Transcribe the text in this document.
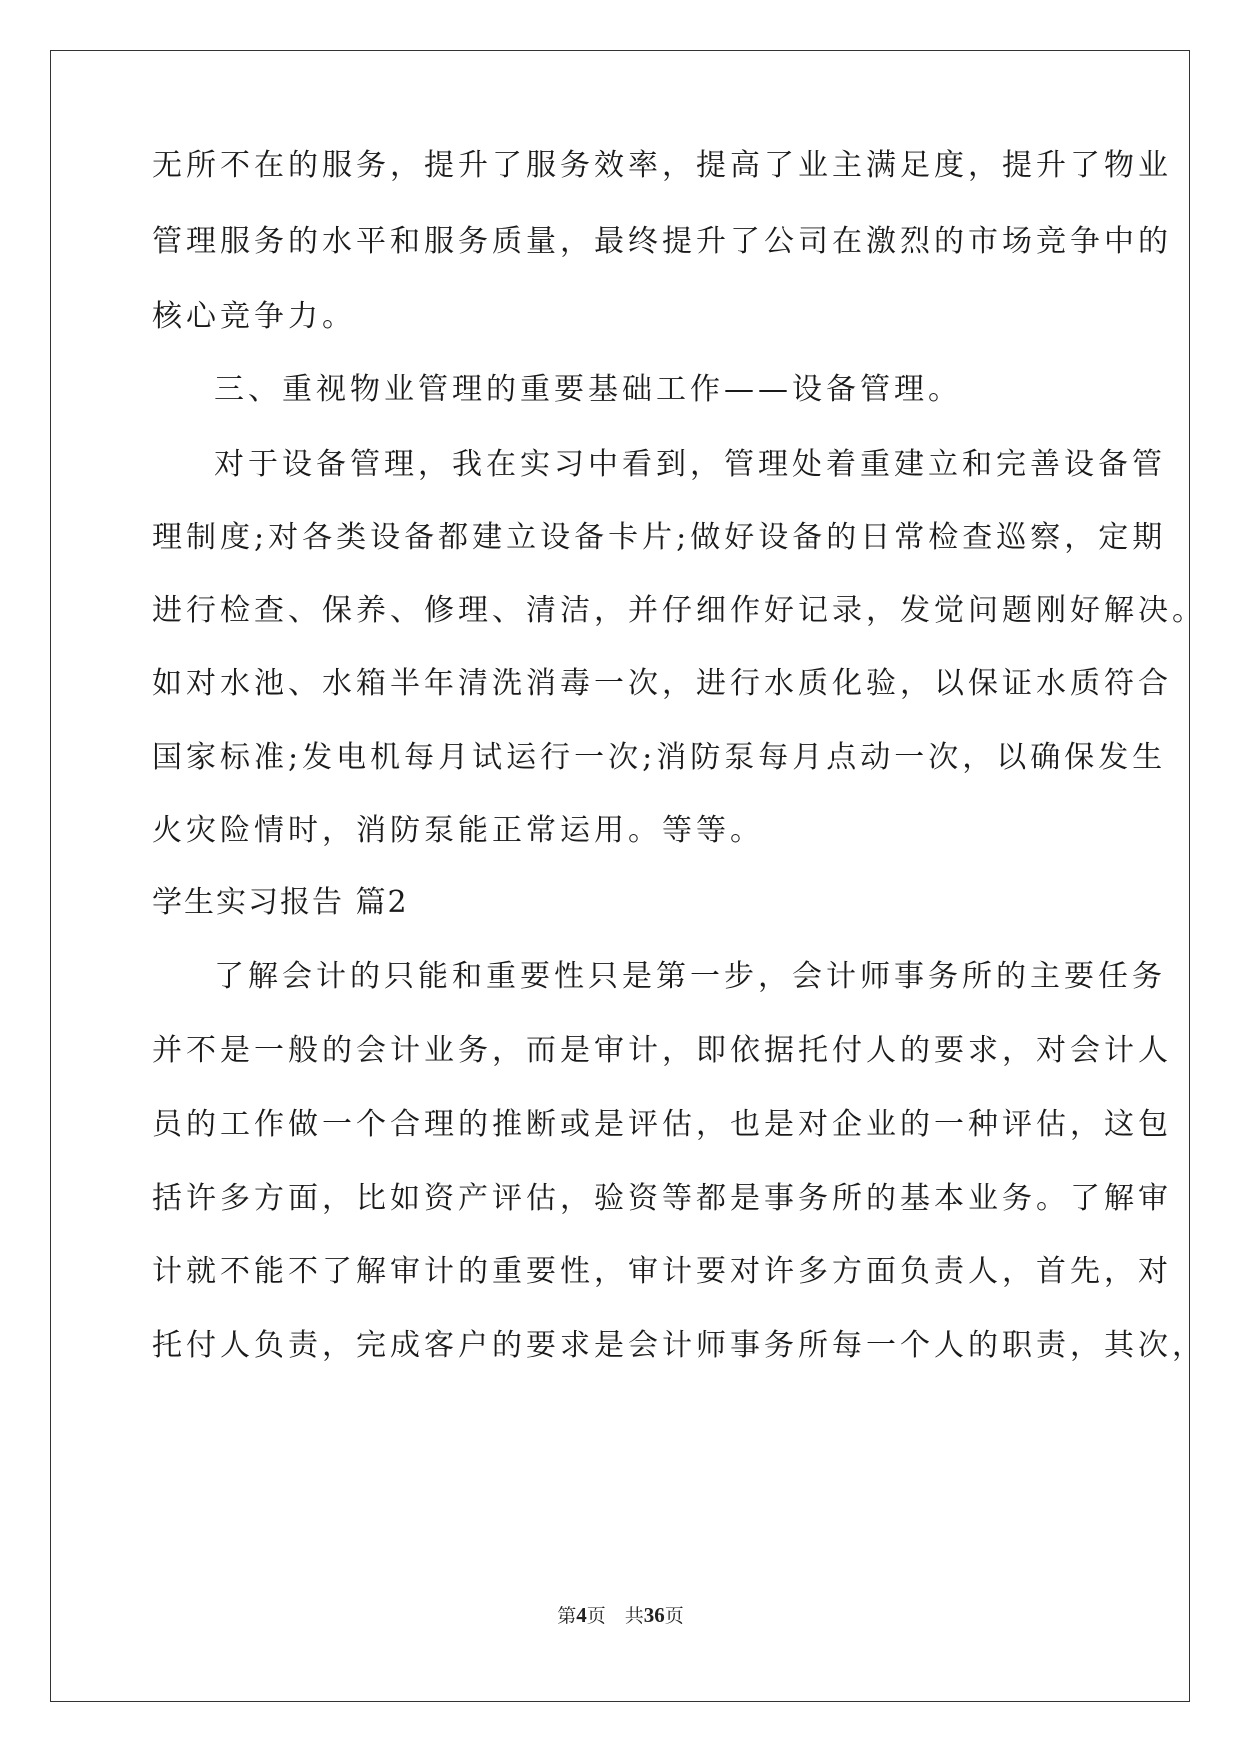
无所不在的服务，提升了服务效率，提高了业主满足度，提升了物业
管理服务的水平和服务质量，最终提升了公司在激烈的市场竞争中的
核心竞争力。
三、重视物业管理的重要基础工作——设备管理。
对于设备管理，我在实习中看到，管理处着重建立和完善设备管
理制度;对各类设备都建立设备卡片;做好设备的日常检查巡察，定期
进行检查、保养、修理、清洁，并仔细作好记录，发觉问题刚好解决。
如对水池、水箱半年清洗消毒一次，进行水质化验，以保证水质符合
国家标准;发电机每月试运行一次;消防泵每月点动一次，以确保发生
火灾险情时，消防泵能正常运用。等等。
学生实习报告 篇2
了解会计的只能和重要性只是第一步，会计师事务所的主要任务
并不是一般的会计业务，而是审计，即依据托付人的要求，对会计人
员的工作做一个合理的推断或是评估，也是对企业的一种评估，这包
括许多方面，比如资产评估，验资等都是事务所的基本业务。了解审
计就不能不了解审计的重要性，审计要对许多方面负责人，首先，对
托付人负责，完成客户的要求是会计师事务所每一个人的职责，其次，
第4页　共36页
